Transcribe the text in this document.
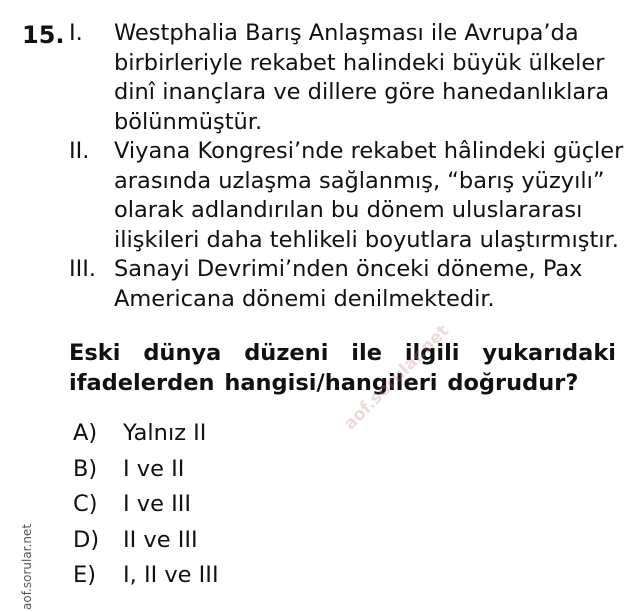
15. I. Westphalia Barış Anlaşması ile Avrupa’da birbirleriyle rekabet halindeki büyük ülkeler dinî inançlara ve dillere göre hanedanlıklara bölünmüştür.
II. Viyana Kongresi’nde rekabet hâlindeki güçler arasında uzlaşma sağlanmış, “barış yüzyılı” olarak adlandırılan bu dönem uluslararası ilişkileri daha tehlikeli boyutlara ulaştırmıştır.
III. Sanayi Devrimi’nden önceki döneme, Pax Americana dönemi denilmektedir.
Eski dünya düzeni ile ilgili yukarıdaki ifadelerden hangisi/hangileri doğrudur?
A) Yalnız II
B) I ve II
C) I ve III
D) II ve III
E) I, II ve III
aof.sorular.net
aof.sorular.net
